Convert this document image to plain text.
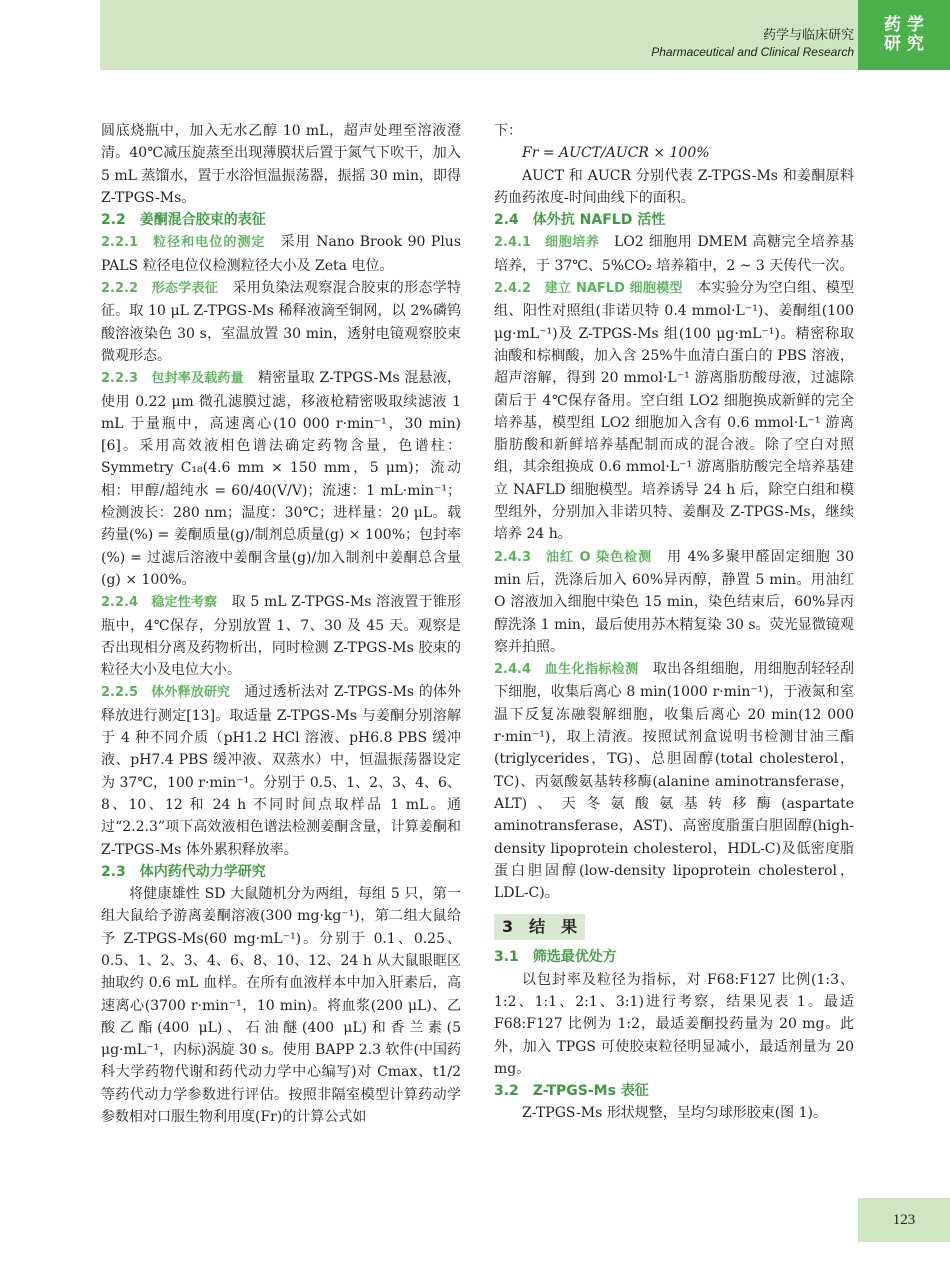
药学与临床研究
Pharmaceutical and Clinical Research
药 学
研 究

圆底烧瓶中，加入无水乙醇 10 mL，超声处理至溶液澄清。40℃减压旋蒸至出现薄膜状后置于氮气下吹干，加入 5 mL 蒸馏水，置于水浴恒温振荡器，振摇 30 min，即得 Z-TPGS-Ms。

2.2　姜酮混合胶束的表征

2.2.1　粒径和电位的测定　 采用 Nano Brook 90 Plus PALS 粒径电位仪检测粒径大小及 Zeta 电位。

2.2.2　形态学表征　 采用负染法观察混合胶束的形态学特征。取 10 μL Z-TPGS-Ms 稀释液滴至铜网，以 2%磷钨酸溶液染色 30 s，室温放置 30 min，透射电镜观察胶束微观形态。

2.2.3　包封率及载药量　 精密量取 Z-TPGS-Ms 混悬液，使用 0.22 μm 微孔滤膜过滤，移液枪精密吸取续滤液 1 mL 于量瓶中，高速离心(10 000 r·min⁻¹，30 min)[6]。采用高效液相色谱法确定药物含量，色谱柱：Symmetry C₁₈(4.6 mm × 150 mm，5 μm)；流动相：甲醇/超纯水 = 60/40(V/V)；流速：1 mL·min⁻¹；检测波长：280 nm；温度：30℃；进样量：20 μL。载药量(%) = 姜酮质量(g)/制剂总质量(g) × 100%；包封率(%) = 过滤后溶液中姜酮含量(g)/加入制剂中姜酮总含量(g) × 100%。

2.2.4　稳定性考察　 取 5 mL Z-TPGS-Ms 溶液置于锥形瓶中，4℃保存，分别放置 1、7、30 及 45 天。观察是否出现相分离及药物析出，同时检测 Z-TPGS-Ms 胶束的粒径大小及电位大小。

2.2.5　体外释放研究　 通过透析法对 Z-TPGS-Ms 的体外释放进行测定[13]。取适量 Z-TPGS-Ms 与姜酮分别溶解于 4 种不同介质（pH1.2 HCl 溶液、pH6.8 PBS 缓冲液、pH7.4 PBS 缓冲液、双蒸水）中，恒温振荡器设定为 37℃，100 r·min⁻¹。分别于 0.5、1、2、3、4、6、8、10、12 和 24 h 不同时间点取样品 1 mL。通过“2.2.3”项下高效液相色谱法检测姜酮含量，计算姜酮和 Z-TPGS-Ms 体外累积释放率。

2.3　体内药代动力学研究

将健康雄性 SD 大鼠随机分为两组，每组 5 只，第一组大鼠给予游离姜酮溶液(300 mg·kg⁻¹)，第二组大鼠给予 Z-TPGS-Ms(60 mg·mL⁻¹)。分别于 0.1、0.25、0.5、1、2、3、4、6、8、10、12、24 h 从大鼠眼眶区抽取约 0.6 mL 血样。在所有血液样本中加入肝素后，高速离心(3700 r·min⁻¹，10 min)。将血浆(200 μL)、乙酸乙酯(400 μL)、石油醚(400 μL)和香兰素(5 μg·mL⁻¹，内标)涡旋 30 s。使用 BAPP 2.3 软件(中国药科大学药物代谢和药代动力学中心编写)对 Cmax、t1/2 等药代动力学参数进行评估。按照非隔室模型计算药动学参数相对口服生物利用度(Fr)的计算公式如

下：

Fr = AUCT/AUCR × 100%

AUCT 和 AUCR 分别代表 Z-TPGS-Ms 和姜酮原料药血药浓度-时间曲线下的面积。

2.4　体外抗 NAFLD 活性

2.4.1　细胞培养　 LO2 细胞用 DMEM 高糖完全培养基培养，于 37℃、5%CO₂ 培养箱中，2 ~ 3 天传代一次。

2.4.2　建立 NAFLD 细胞模型　 本实验分为空白组、模型组、阳性对照组(非诺贝特 0.4 mmol·L⁻¹)、姜酮组(100 μg·mL⁻¹)及 Z-TPGS-Ms 组(100 μg·mL⁻¹)。精密称取油酸和棕榈酸，加入含 25%牛血清白蛋白的 PBS 溶液，超声溶解，得到 20 mmol·L⁻¹ 游离脂肪酸母液，过滤除菌后于 4℃保存备用。空白组 LO2 细胞换成新鲜的完全培养基，模型组 LO2 细胞加入含有 0.6 mmol·L⁻¹ 游离脂肪酸和新鲜培养基配制而成的混合液。除了空白对照组，其余组换成 0.6 mmol·L⁻¹ 游离脂肪酸完全培养基建立 NAFLD 细胞模型。培养诱导 24 h 后，除空白组和模型组外，分别加入非诺贝特、姜酮及 Z-TPGS-Ms，继续培养 24 h。

2.4.3　油红 O 染色检测　 用 4%多聚甲醛固定细胞 30 min 后，洗涤后加入 60%异丙醇，静置 5 min。用油红 O 溶液加入细胞中染色 15 min，染色结束后，60%异丙醇洗涤 1 min，最后使用苏木精复染 30 s。荧光显微镜观察并拍照。

2.4.4　血生化指标检测　 取出各组细胞，用细胞刮轻轻刮下细胞，收集后离心 8 min(1000 r·min⁻¹)，于液氮和室温下反复冻融裂解细胞，收集后离心 20 min(12 000 r·min⁻¹)，取上清液。按照试剂盒说明书检测甘油三酯(triglycerides，TG)、总胆固醇(total cholesterol，TC)、丙氨酸氨基转移酶(alanine aminotransferase，ALT)、天冬氨酸氨基转移酶(aspartate aminotransferase，AST)、高密度脂蛋白胆固醇(high-density lipoprotein cholesterol，HDL-C)及低密度脂蛋白胆固醇(low-density lipoprotein cholesterol，LDL-C)。

3　结　果
3.1　筛选最优处方

以包封率及粒径为指标，对 F68:F127 比例(1:3、1:2、1:1、2:1、3:1)进行考察，结果见表 1。最适 F68:F127 比例为 1:2，最适姜酮投药量为 20 mg。此外，加入 TPGS 可使胶束粒径明显减小，最适剂量为 20 mg。

3.2　Z-TPGS-Ms 表征

Z-TPGS-Ms 形状规整，呈均匀球形胶束(图 1)。

123
